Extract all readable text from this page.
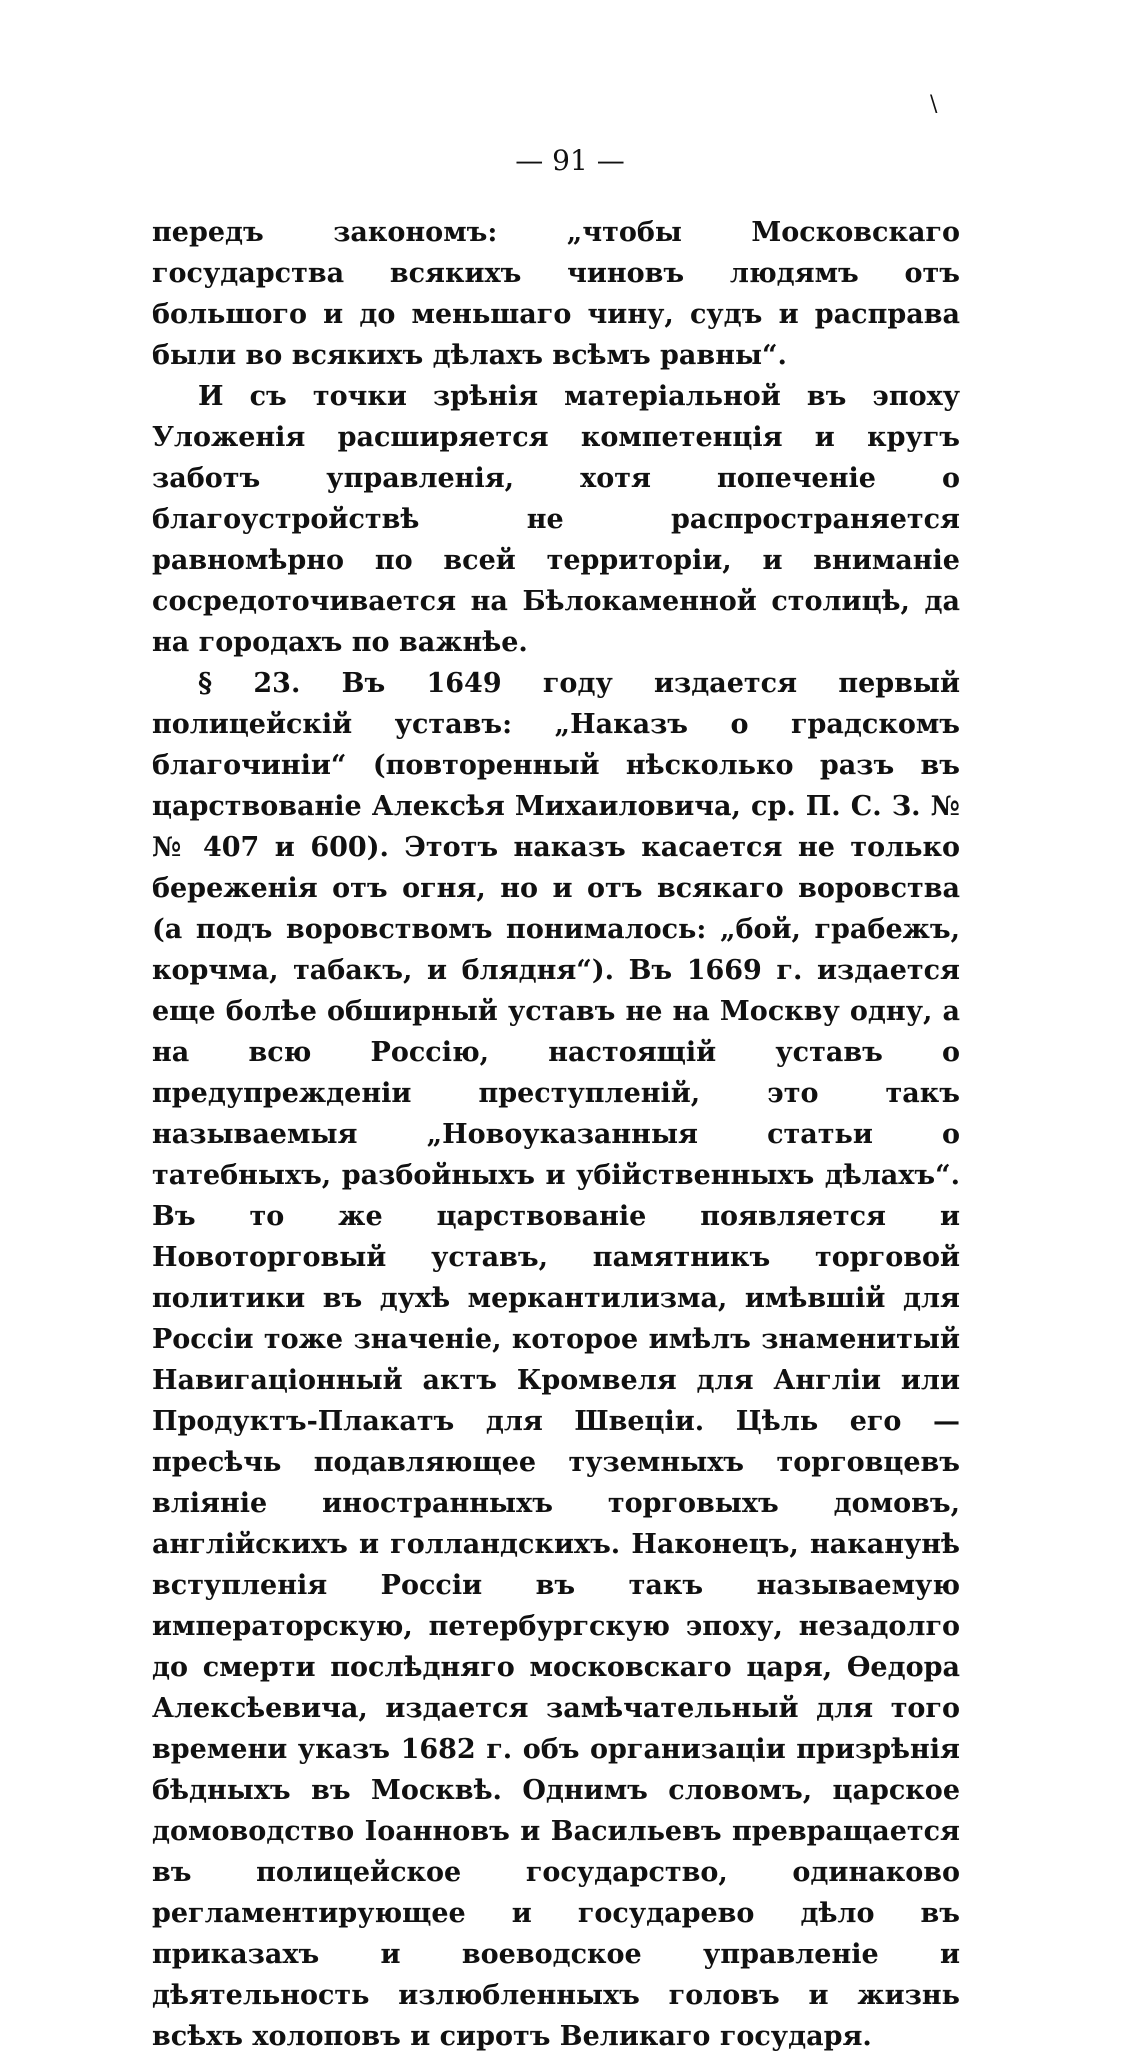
\
— 91 —

передъ закономъ: „чтобы Московскаго государства всякихъ чиновъ людямъ отъ большого и до меньшаго чину, судъ и расправа были во всякихъ дѣлахъ всѣмъ равны“.

И съ точки зрѣнія матеріальной въ эпоху Уложенія расширяется компетенція и кругъ заботъ управленія, хотя попеченіе о благоустройствѣ не распространяется равномѣрно по всей территоріи, и вниманіе сосредоточивается на Бѣлокаменной столицѣ, да на городахъ по важнѣе.

§ 23. Въ 1649 году издается первый полицейскій уставъ: „Наказъ о градскомъ благочиніи“ (повторенный нѣсколько разъ въ царствованіе Алексѣя Михаиловича, ср. П. С. З. №№ 407 и 600). Этотъ наказъ касается не только береженія отъ огня, но и отъ всякаго воровства (а подъ воровствомъ понималось: „бой, грабежъ, корчма, табакъ, и блядня“). Въ 1669 г. издается еще болѣе обширный уставъ не на Москву одну, а на всю Россію, настоящій уставъ о предупрежденіи преступленій, это такъ называемыя „Новоуказанныя статьи о татебныхъ, разбойныхъ и убійственныхъ дѣлахъ“. Въ то же царствованіе появляется и Новоторговый уставъ, памятникъ торговой политики въ духѣ меркантилизма, имѣвшій для Россіи тоже значеніе, которое имѣлъ знаменитый Навигаціонный актъ Кромвеля для Англіи или Продуктъ-Плакатъ для Швеціи. Цѣль его — пресѣчь подавляющее туземныхъ торговцевъ вліяніе иностранныхъ торговыхъ домовъ, англійскихъ и голландскихъ. Наконецъ, наканунѣ вступленія Россіи въ такъ называемую императорскую, петербургскую эпоху, незадолго до смерти послѣдняго московскаго царя, Ѳедора Алексѣевича, издается замѣчательный для того времени указъ 1682 г. объ организаціи призрѣнія бѣдныхъ въ Москвѣ. Однимъ словомъ, царское домоводство Іоанновъ и Васильевъ превращается въ полицейское государство, одинаково регламентирующее и государево дѣло въ приказахъ и воеводское управленіе и дѣятельность излюбленныхъ головъ и жизнь всѣхъ холоповъ и сиротъ Великаго государя.
